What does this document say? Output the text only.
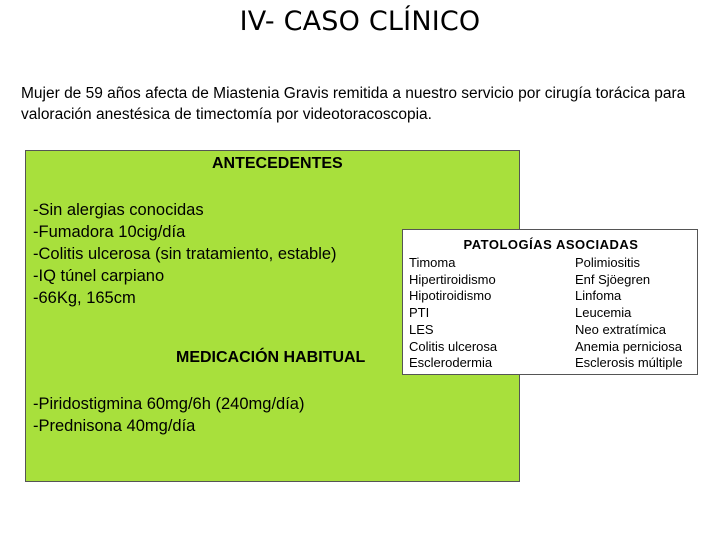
IV- CASO CLÍNICO
Mujer de 59 años afecta de Miastenia Gravis remitida a nuestro servicio por cirugía torácica para valoración anestésica de timectomía por videotoracoscopia.
ANTECEDENTES
-Sin alergias conocidas
-Fumadora 10cig/día
-Colitis ulcerosa (sin tratamiento, estable)
-IQ túnel carpiano
-66Kg, 165cm
MEDICACIÓN HABITUAL
-Piridostigmina 60mg/6h (240mg/día)
-Prednisona 40mg/día
PATOLOGÍAS ASOCIADAS
Timoma
Hipertiroidismo
Hipotiroidismo
PTI
LES
Colitis ulcerosa
Esclerodermia
Polimiositis
Enf Sjöegren
Linfoma
Leucemia
Neo extratímica
Anemia perniciosa
Esclerosis múltiple
